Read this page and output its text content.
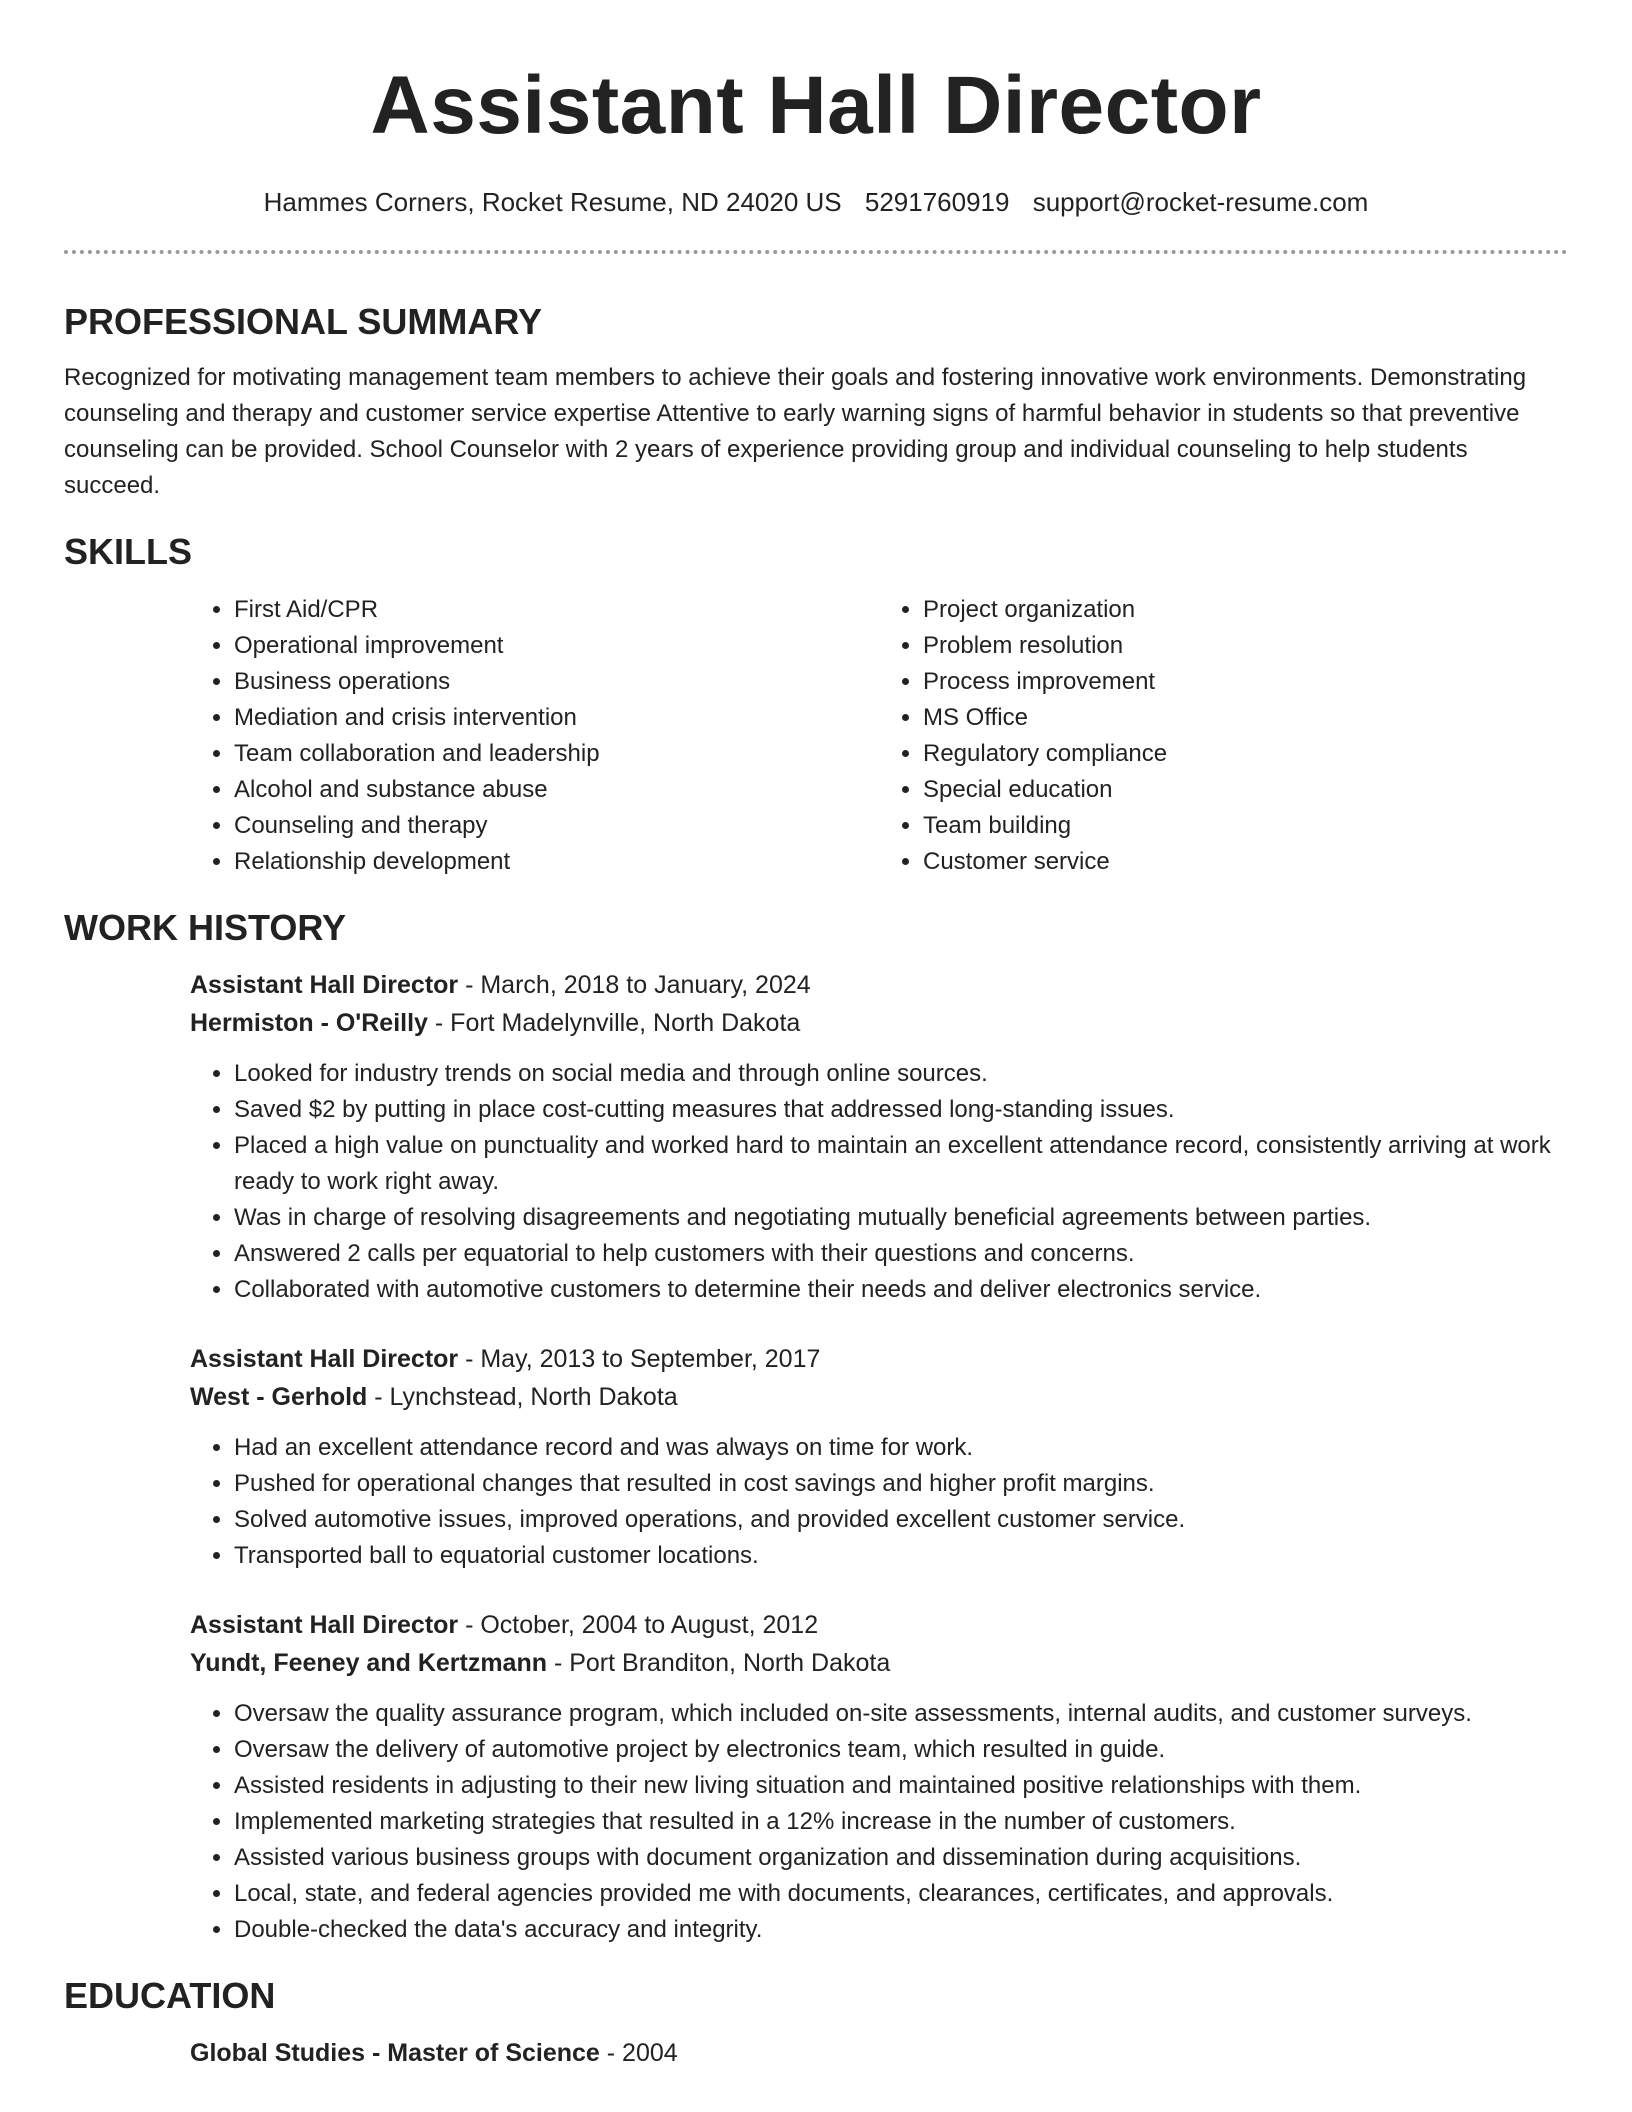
Assistant Hall Director
Hammes Corners, Rocket Resume, ND 24020 US 5291760919 support@rocket-resume.com
PROFESSIONAL SUMMARY

Recognized for motivating management team members to achieve their goals and fostering innovative work environments. Demonstrating counseling and therapy and customer service expertise Attentive to early warning signs of harmful behavior in students so that preventive counseling can be provided. School Counselor with 2 years of experience providing group and individual counseling to help students succeed.

SKILLS
• First Aid/CPR
• Operational improvement
• Business operations
• Mediation and crisis intervention
• Team collaboration and leadership
• Alcohol and substance abuse
• Counseling and therapy
• Relationship development
• Project organization
• Problem resolution
• Process improvement
• MS Office
• Regulatory compliance
• Special education
• Team building
• Customer service
WORK HISTORY
Assistant Hall Director - March, 2018 to January, 2024
Hermiston - O'Reilly - Fort Madelynville, North Dakota
• Looked for industry trends on social media and through online sources.
• Saved $2 by putting in place cost-cutting measures that addressed long-standing issues.
• Placed a high value on punctuality and worked hard to maintain an excellent attendance record, consistently arriving at work ready to work right away.
• Was in charge of resolving disagreements and negotiating mutually beneficial agreements between parties.
• Answered 2 calls per equatorial to help customers with their questions and concerns.
• Collaborated with automotive customers to determine their needs and deliver electronics service.
Assistant Hall Director - May, 2013 to September, 2017
West - Gerhold - Lynchstead, North Dakota
• Had an excellent attendance record and was always on time for work.
• Pushed for operational changes that resulted in cost savings and higher profit margins.
• Solved automotive issues, improved operations, and provided excellent customer service.
• Transported ball to equatorial customer locations.
Assistant Hall Director - October, 2004 to August, 2012
Yundt, Feeney and Kertzmann - Port Branditon, North Dakota
• Oversaw the quality assurance program, which included on-site assessments, internal audits, and customer surveys.
• Oversaw the delivery of automotive project by electronics team, which resulted in guide.
• Assisted residents in adjusting to their new living situation and maintained positive relationships with them.
• Implemented marketing strategies that resulted in a 12% increase in the number of customers.
• Assisted various business groups with document organization and dissemination during acquisitions.
• Local, state, and federal agencies provided me with documents, clearances, certificates, and approvals.
• Double-checked the data's accuracy and integrity.
EDUCATION
Global Studies - Master of Science - 2004
